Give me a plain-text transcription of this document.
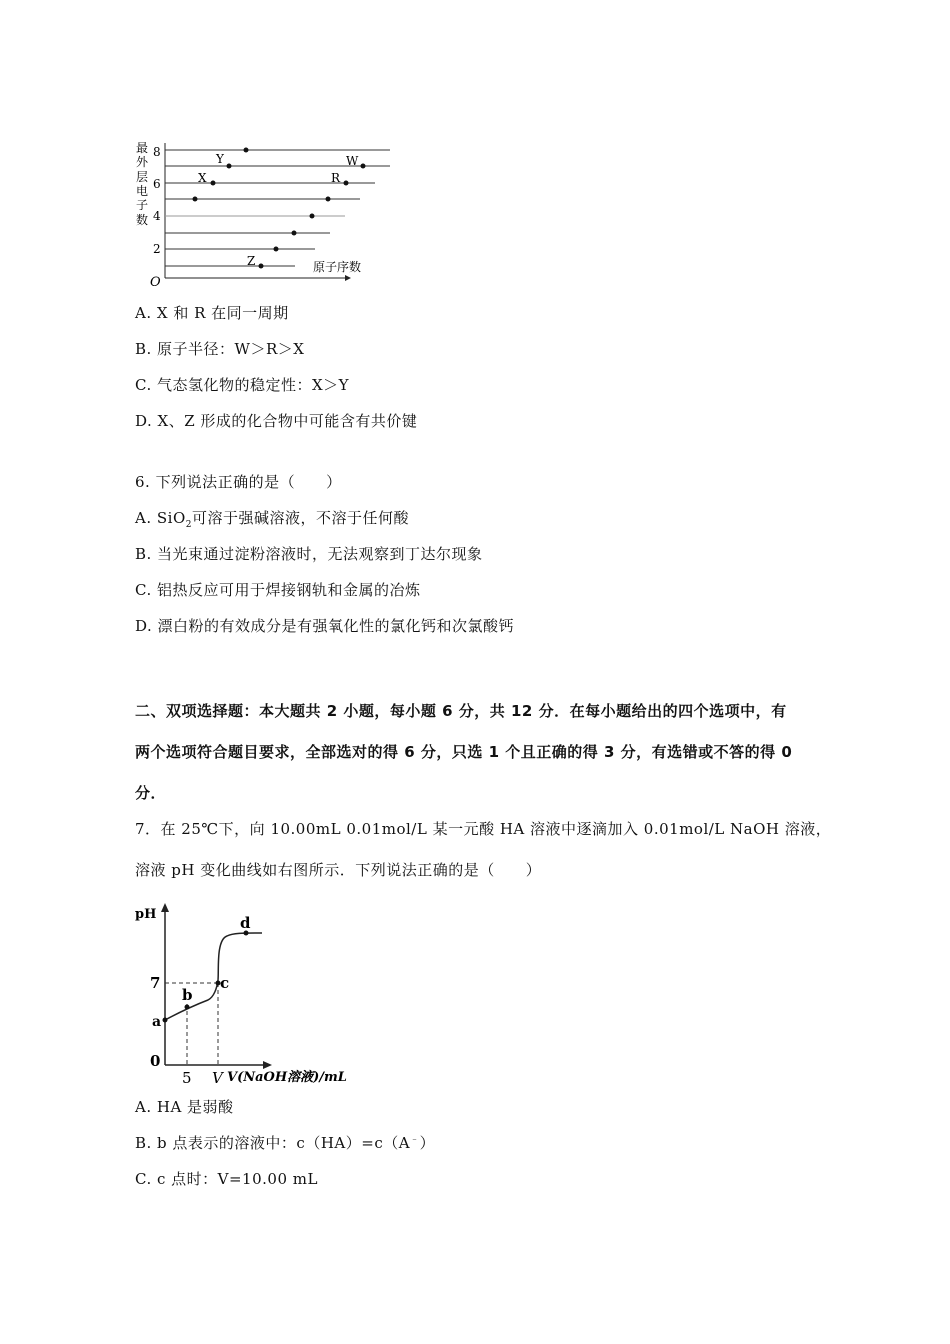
最
外
层
电
子
数
O
8
6
4
2
Y	W
X	R
Z	原子序数
A. X 和 R 在同一周期
B. 原子半径：W＞R＞X
C. 气态氢化物的稳定性：X＞Y
D. X、Z 形成的化合物中可能含有共价键
6. 下列说法正确的是（　　）
A. SiO$_2$可溶于强碱溶液，不溶于任何酸
B. 当光束通过淀粉溶液时，无法观察到丁达尔现象
C. 铝热反应可用于焊接钢轨和金属的冶炼
D. 漂白粉的有效成分是有强氧化性的氯化钙和次氯酸钙
二、双项选择题：本大题共 2 小题，每小题 6 分，共 12 分．在每小题给出的四个选项中，有
两个选项符合题目要求，全部选对的得 6 分，只选 1 个且正确的得 3 分，有选错或不答的得 0
分．
7．在 25℃下，向 10.00mL 0.01mol/L 某一元酸 HA 溶液中逐滴加入 0.01mol/L NaOH 溶液，
溶液 pH 变化曲线如右图所示．下列说法正确的是（　　）
pH
7
0
5 V
a
b
c
d
V(NaOH溶液)/mL
A. HA 是弱酸
B. b 点表示的溶液中：c（HA）=c（A﹣）
C. c 点时：V=10.00 mL
